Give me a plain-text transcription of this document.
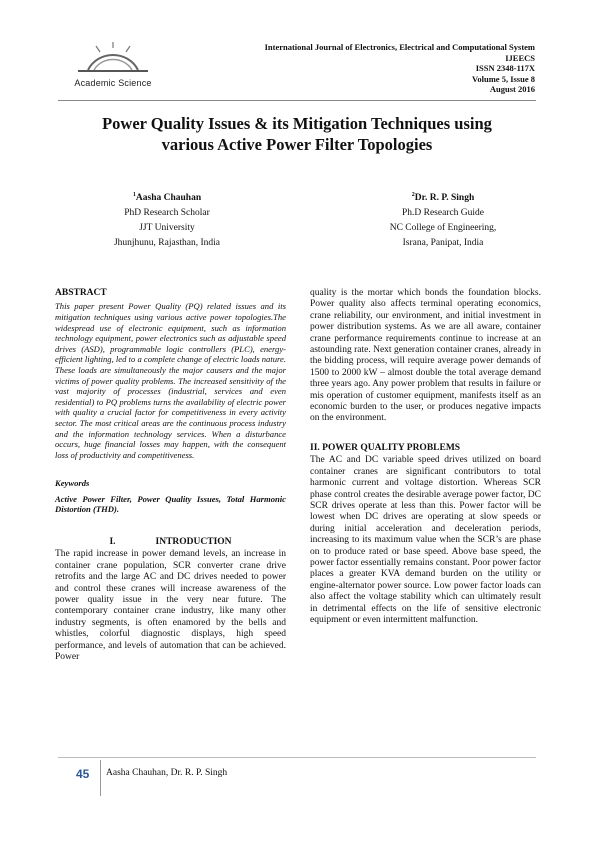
Academic Science
International Journal of Electronics, Electrical and Computational System
IJEECS
ISSN 2348-117X
Volume 5, Issue 8
August 2016
Power Quality Issues & its Mitigation Techniques using
various Active Power Filter Topologies
$^1$Aasha Chauhan
PhD Research Scholar
JJT University
Jhunjhunu, Rajasthan, India
$^2$Dr. R. P. Singh
Ph.D Research Guide
NC College of Engineering,
Israna, Panipat, India

ABSTRACT

This paper present Power Quality (PQ) related issues and its mitigation techniques using various active power topologies.The widespread use of electronic equipment, such as information technology equipment, power electronics such as adjustable speed drives (ASD), programmable logic controllers (PLC), energy-efficient lighting, led to a complete change of electric loads nature. These loads are simultaneously the major causers and the major victims of power quality problems. The increased sensitivity of the vast majority of processes (industrial, services and even residential) to PQ problems turns the availability of electric power with quality a crucial factor for competitiveness in every activity sector. The most critical areas are the continuous process industry and the information technology services. When a disturbance occurs, huge financial losses may happen, with the consequent loss of productivity and competitiveness.

Keywords

Active Power Filter, Power Quality Issues, Total Harmonic Distortion (THD).

I.	INTRODUCTION

The rapid increase in power demand levels, an increase in container crane population, SCR converter crane drive retrofits and the large AC and DC drives needed to power and control these cranes will increase awareness of the power quality issue in the very near future. The contemporary container crane industry, like many other industry segments, is often enamored by the bells and whistles, colorful diagnostic displays, high speed performance, and levels of automation that can be achieved. Power

quality is the mortar which bonds the foundation blocks. Power quality also affects terminal operating economics, crane reliability, our environment, and initial investment in power distribution systems. As we are all aware, container crane performance requirements continue to increase at an astounding rate. Next generation container cranes, already in the bidding process, will require average power demands of 1500 to 2000 kW – almost double the total average demand three years ago. Any power problem that results in failure or mis operation of customer equipment, manifests itself as an economic burden to the user, or produces negative impacts on the environment.

II. POWER QUALITY PROBLEMS

The AC and DC variable speed drives utilized on board container cranes are significant contributors to total harmonic current and voltage distortion. Whereas SCR phase control creates the desirable average power factor, DC SCR drives operate at less than this. Power factor will be lowest when DC drives are operating at slow speeds or during initial acceleration and deceleration periods, increasing to its maximum value when the SCR’s are phase on to produce rated or base speed. Above base speed, the power factor essentially remains constant. Poor power factor places a greater KVA demand burden on the utility or engine-alternator power source. Low power factor loads can also affect the voltage stability which can ultimately result in detrimental effects on the life of sensitive electronic equipment or even intermittent malfunction.

45 Aasha Chauhan, Dr. R. P. Singh
